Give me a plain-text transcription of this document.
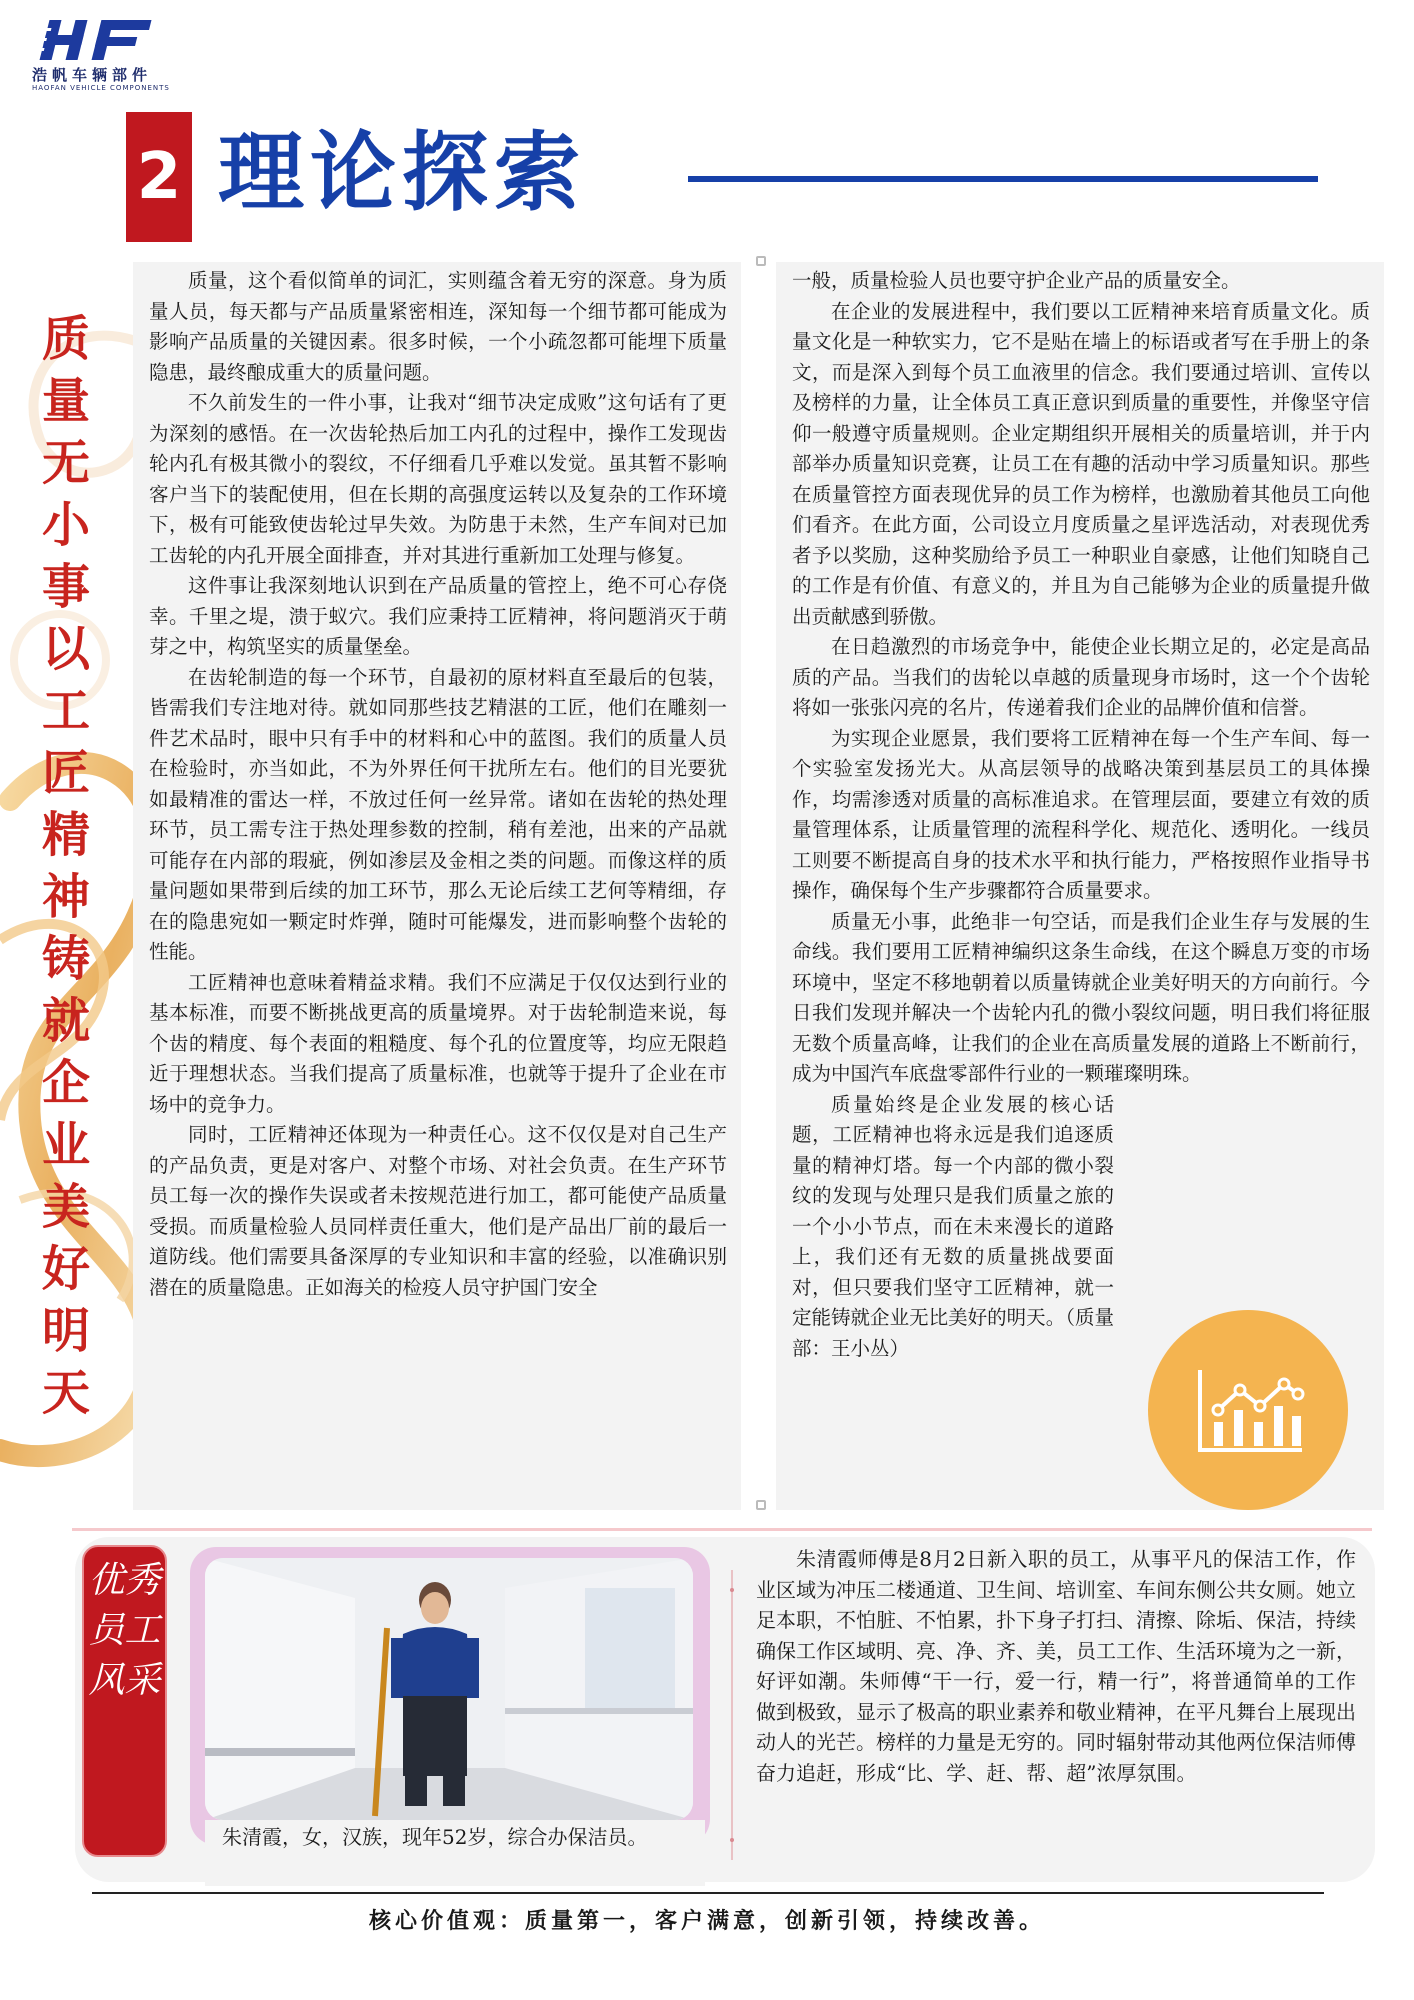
浩帆车辆部件
HAOFAN VEHICLE COMPONENTS
2 理论探索
质量无小事 以工匠精神铸就企业美好明天

质量，这个看似简单的词汇，实则蕴含着无穷的深意。身为质量人员，每天都与产品质量紧密相连，深知每一个细节都可能成为影响产品质量的关键因素。很多时候，一个小疏忽都可能埋下质量隐患，最终酿成重大的质量问题。

不久前发生的一件小事，让我对“细节决定成败”这句话有了更为深刻的感悟。在一次齿轮热后加工内孔的过程中，操作工发现齿轮内孔有极其微小的裂纹，不仔细看几乎难以发觉。虽其暂不影响客户当下的装配使用，但在长期的高强度运转以及复杂的工作环境下，极有可能致使齿轮过早失效。为防患于未然，生产车间对已加工齿轮的内孔开展全面排查，并对其进行重新加工处理与修复。

这件事让我深刻地认识到在产品质量的管控上，绝不可心存侥幸。千里之堤，溃于蚁穴。我们应秉持工匠精神，将问题消灭于萌芽之中，构筑坚实的质量堡垒。

在齿轮制造的每一个环节，自最初的原材料直至最后的包装，皆需我们专注地对待。就如同那些技艺精湛的工匠，他们在雕刻一件艺术品时，眼中只有手中的材料和心中的蓝图。我们的质量人员在检验时，亦当如此，不为外界任何干扰所左右。他们的目光要犹如最精准的雷达一样，不放过任何一丝异常。诸如在齿轮的热处理环节，员工需专注于热处理参数的控制，稍有差池，出来的产品就可能存在内部的瑕疵，例如渗层及金相之类的问题。而像这样的质量问题如果带到后续的加工环节，那么无论后续工艺何等精细，存在的隐患宛如一颗定时炸弹，随时可能爆发，进而影响整个齿轮的性能。

工匠精神也意味着精益求精。我们不应满足于仅仅达到行业的基本标准，而要不断挑战更高的质量境界。对于齿轮制造来说，每个齿的精度、每个表面的粗糙度、每个孔的位置度等，均应无限趋近于理想状态。当我们提高了质量标准，也就等于提升了企业在市场中的竞争力。

同时，工匠精神还体现为一种责任心。这不仅仅是对自己生产的产品负责，更是对客户、对整个市场、对社会负责。在生产环节员工每一次的操作失误或者未按规范进行加工，都可能使产品质量受损。而质量检验人员同样责任重大，他们是产品出厂前的最后一道防线。他们需要具备深厚的专业知识和丰富的经验，以准确识别潜在的质量隐患。正如海关的检疫人员守护国门安全

一般，质量检验人员也要守护企业产品的质量安全。

在企业的发展进程中，我们要以工匠精神来培育质量文化。质量文化是一种软实力，它不是贴在墙上的标语或者写在手册上的条文，而是深入到每个员工血液里的信念。我们要通过培训、宣传以及榜样的力量，让全体员工真正意识到质量的重要性，并像坚守信仰一般遵守质量规则。企业定期组织开展相关的质量培训，并于内部举办质量知识竞赛，让员工在有趣的活动中学习质量知识。那些在质量管控方面表现优异的员工作为榜样，也激励着其他员工向他们看齐。在此方面，公司设立月度质量之星评选活动，对表现优秀者予以奖励，这种奖励给予员工一种职业自豪感，让他们知晓自己的工作是有价值、有意义的，并且为自己能够为企业的质量提升做出贡献感到骄傲。

在日趋激烈的市场竞争中，能使企业长期立足的，必定是高品质的产品。当我们的齿轮以卓越的质量现身市场时，这一个个齿轮将如一张张闪亮的名片，传递着我们企业的品牌价值和信誉。

为实现企业愿景，我们要将工匠精神在每一个生产车间、每一个实验室发扬光大。从高层领导的战略决策到基层员工的具体操作，均需渗透对质量的高标准追求。在管理层面，要建立有效的质量管理体系，让质量管理的流程科学化、规范化、透明化。一线员工则要不断提高自身的技术水平和执行能力，严格按照作业指导书操作，确保每个生产步骤都符合质量要求。

质量无小事，此绝非一句空话，而是我们企业生存与发展的生命线。我们要用工匠精神编织这条生命线，在这个瞬息万变的市场环境中，坚定不移地朝着以质量铸就企业美好明天的方向前行。今日我们发现并解决一个齿轮内孔的微小裂纹问题，明日我们将征服无数个质量高峰，让我们的企业在高质量发展的道路上不断前行，成为中国汽车底盘零部件行业的一颗璀璨明珠。

质量始终是企业发展的核心话题，工匠精神也将永远是我们追逐质量的精神灯塔。每一个内部的微小裂纹的发现与处理只是我们质量之旅的一个小小节点，而在未来漫长的道路上，我们还有无数的质量挑战要面对，但只要我们坚守工匠精神，就一定能铸就企业无比美好的明天。（质量部：王小丛）

优秀员工风采
朱清霞，女，汉族，现年52岁，综合办保洁员。

朱清霞师傅是8月2日新入职的员工，从事平凡的保洁工作，作业区域为冲压二楼通道、卫生间、培训室、车间东侧公共女厕。她立足本职，不怕脏、不怕累，扑下身子打扫、清擦、除垢、保洁，持续确保工作区域明、亮、净、齐、美，员工工作、生活环境为之一新，好评如潮。朱师傅“干一行，爱一行，精一行”，将普通简单的工作做到极致，显示了极高的职业素养和敬业精神，在平凡舞台上展现出动人的光芒。榜样的力量是无穷的。同时辐射带动其他两位保洁师傅奋力追赶，形成“比、学、赶、帮、超”浓厚氛围。

核心价值观：质量第一，客户满意，创新引领，持续改善。
